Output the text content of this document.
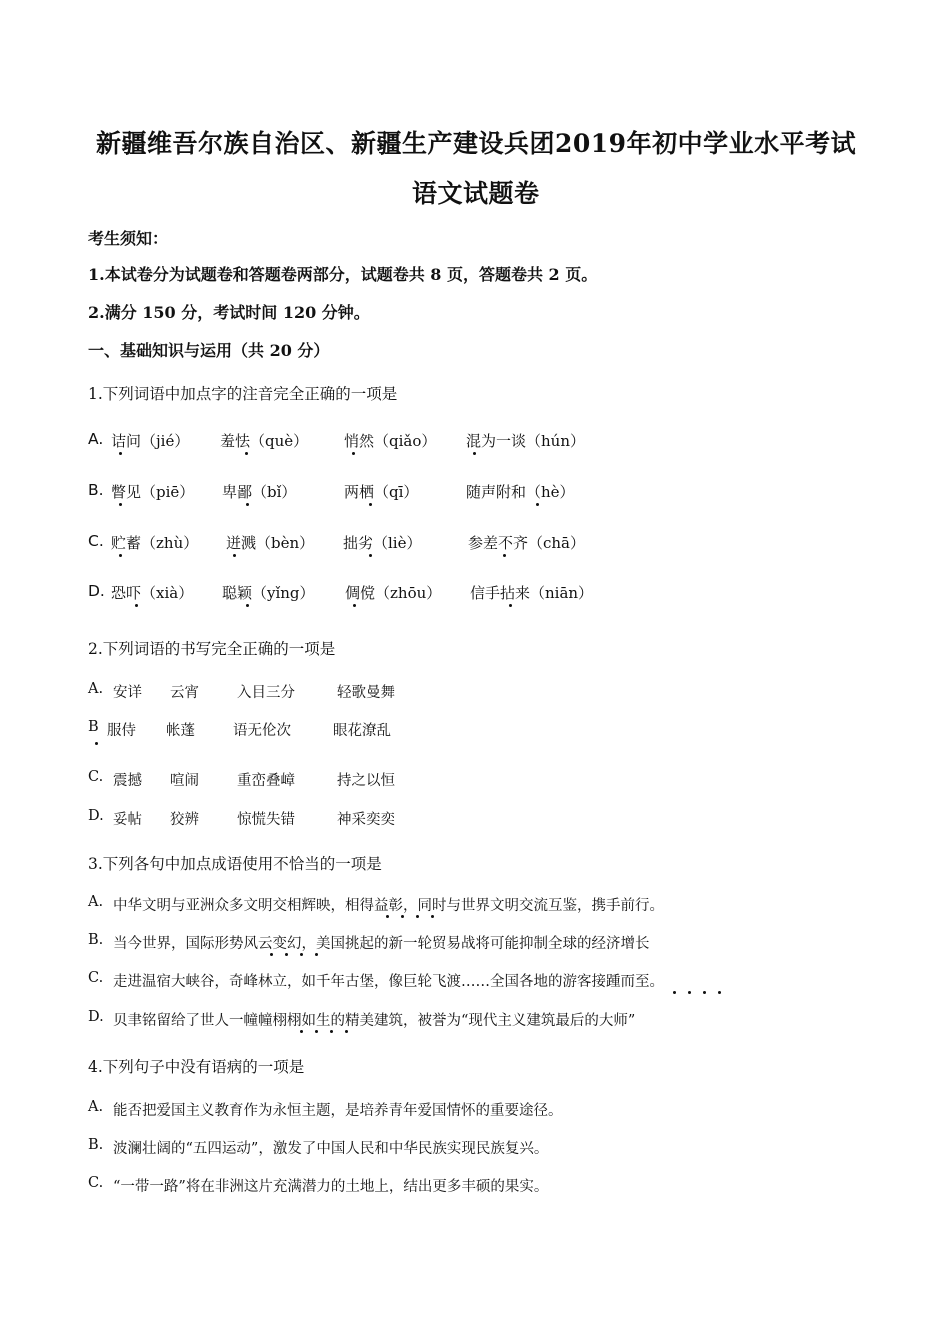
新疆维吾尔族自治区、新疆生产建设兵团2019年初中学业水平考试
语文试题卷
考生须知：
1.本试卷分为试题卷和答题卷两部分，试题卷共 8 页，答题卷共 2 页。
2.满分 150 分，考试时间 120 分钟。
一、基础知识与运用（共 20 分）
1.下列词语中加点字的注音完全正确的一项是
A. 诘问（jié） 羞怯（què） 悄然（qiǎo） 混为一谈（hún）
B. 瞥见（piē） 卑鄙（bǐ）	两栖（qī）	随声附和（hè）
C. 贮蓄（zhù） 迸溅（bèn） 拙劣（liè）	参差不齐（chā）
D. 恐吓（xià） 聪颖（yǐng） 倜傥（zhōu） 信手拈来（niān）
2.下列词语的书写完全正确的一项是
A. 安详 云宵	入目三分	轻歌曼舞
B 服侍 帐蓬	语无伦次	眼花潦乱
C. 震撼 喧闹	重峦叠嶂	持之以恒
D. 妥帖 狡辨	惊慌失错	神采奕奕
3.下列各句中加点成语使用不恰当的一项是
A. 中华文明与亚洲众多文明交相辉映，相得益彰，同时与世界文明交流互鉴，携手前行。
B. 当今世界，国际形势风云变幻，美国挑起的新一轮贸易战将可能抑制全球的经济增长
C. 走进温宿大峡谷，奇峰林立，如千年古堡，像巨轮飞渡……全国各地的游客接踵而至。
D. 贝聿铭留给了世人一幢幢栩栩如生的精美建筑，被誉为“现代主义建筑最后的大师”
4.下列句子中没有语病的一项是
A. 能否把爱国主义教育作为永恒主题，是培养青年爱国情怀的重要途径。
B. 波澜壮阔的“五四运动”，激发了中国人民和中华民族实现民族复兴。
C. “一带一路”将在非洲这片充满潜力的土地上，结出更多丰硕的果实。
